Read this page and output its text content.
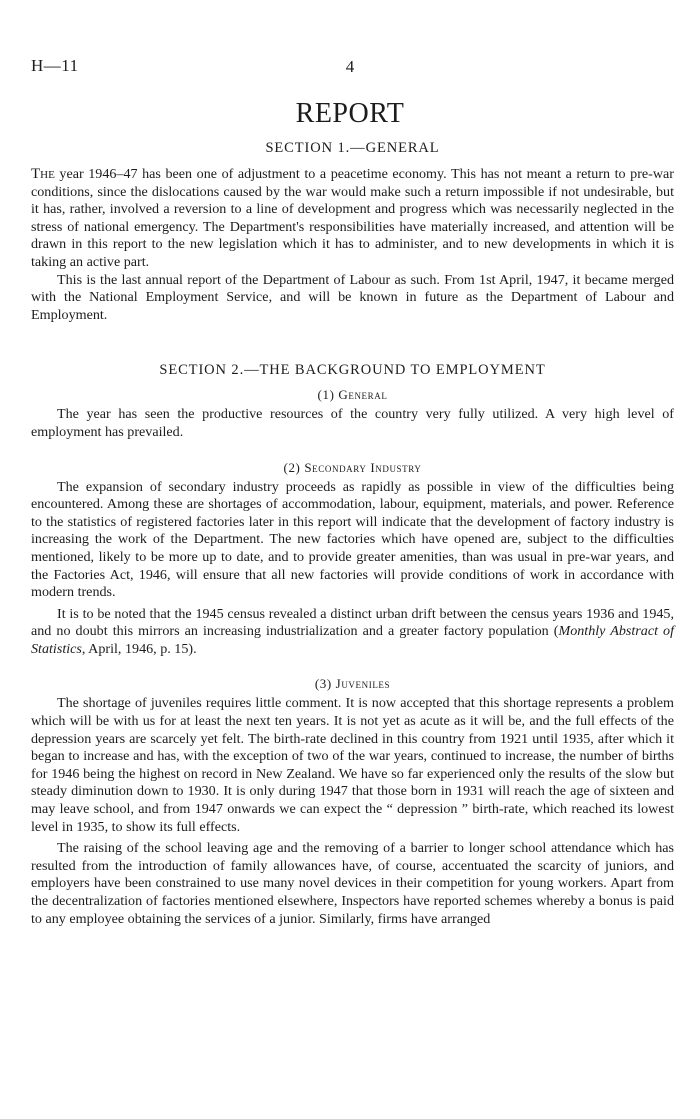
H—11	4
REPORT
SECTION 1.—GENERAL

The year 1946–47 has been one of adjustment to a peacetime economy. This has not meant a return to pre-war conditions, since the dislocations caused by the war would make such a return impossible if not undesirable, but it has, rather, involved a reversion to a line of development and progress which was necessarily neglected in the stress of national emergency. The Department's responsibilities have materially increased, and attention will be drawn in this report to the new legislation which it has to administer, and to new developments in which it is taking an active part.

This is the last annual report of the Department of Labour as such. From 1st April, 1947, it became merged with the National Employment Service, and will be known in future as the Department of Labour and Employment.

SECTION 2.—THE BACKGROUND TO EMPLOYMENT
(1) General

The year has seen the productive resources of the country very fully utilized. A very high level of employment has prevailed.

(2) Secondary Industry

The expansion of secondary industry proceeds as rapidly as possible in view of the difficulties being encountered. Among these are shortages of accommodation, labour, equipment, materials, and power. Reference to the statistics of registered factories later in this report will indicate that the development of factory industry is increasing the work of the Department. The new factories which have opened are, subject to the difficulties mentioned, likely to be more up to date, and to provide greater amenities, than was usual in pre-war years, and the Factories Act, 1946, will ensure that all new factories will provide conditions of work in accordance with modern trends.

It is to be noted that the 1945 census revealed a distinct urban drift between the census years 1936 and 1945, and no doubt this mirrors an increasing industrialization and a greater factory population (Monthly Abstract of Statistics, April, 1946, p. 15).

(3) Juveniles

The shortage of juveniles requires little comment. It is now accepted that this shortage represents a problem which will be with us for at least the next ten years. It is not yet as acute as it will be, and the full effects of the depression years are scarcely yet felt. The birth-rate declined in this country from 1921 until 1935, after which it began to increase and has, with the exception of two of the war years, continued to increase, the number of births for 1946 being the highest on record in New Zealand. We have so far experienced only the results of the slow but steady diminution down to 1930. It is only during 1947 that those born in 1931 will reach the age of sixteen and may leave school, and from 1947 onwards we can expect the “ depression ” birth-rate, which reached its lowest level in 1935, to show its full effects.

The raising of the school leaving age and the removing of a barrier to longer school attendance which has resulted from the introduction of family allowances have, of course, accentuated the scarcity of juniors, and employers have been constrained to use many novel devices in their competition for young workers. Apart from the decentralization of factories mentioned elsewhere, Inspectors have reported schemes whereby a bonus is paid to any employee obtaining the services of a junior. Similarly, firms have arranged
